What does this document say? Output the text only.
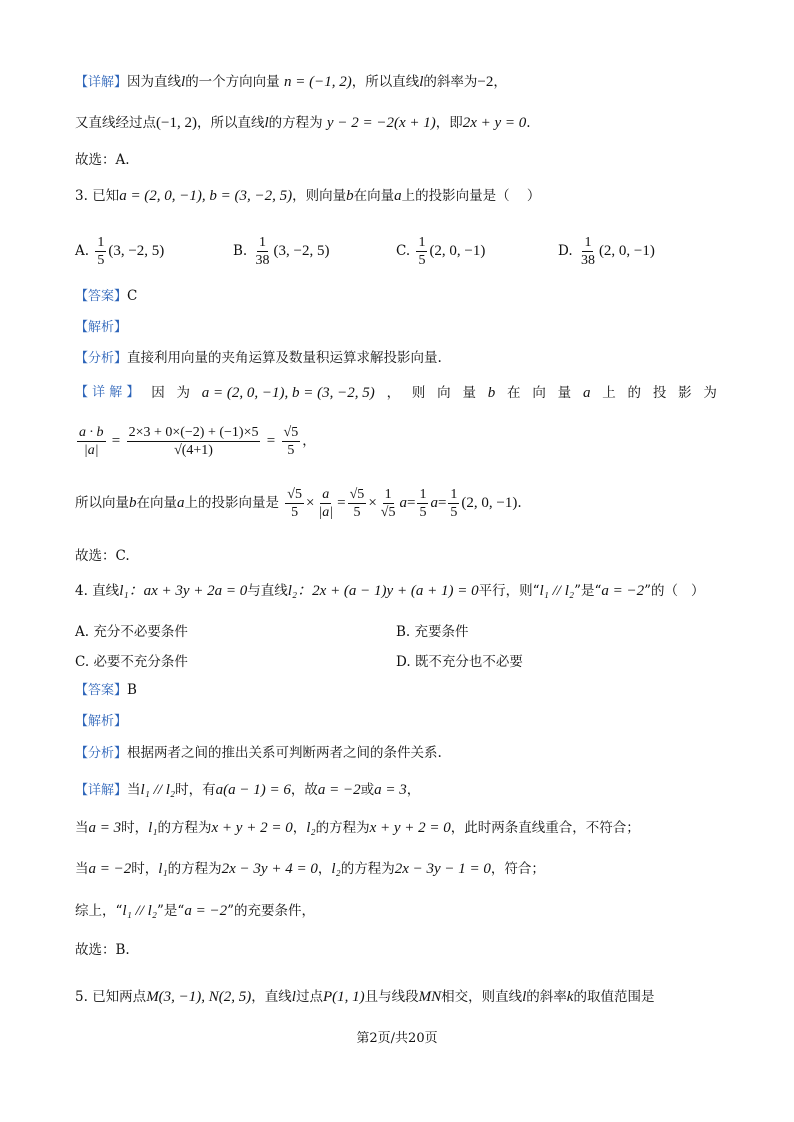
【详解】因为直线l的一个方向向量 n = (−1, 2)，所以直线l的斜率为−2，
又直线经过点(−1, 2)，所以直线l的方程为 y − 2 = −2(x + 1)，即2x + y = 0.
故选：A.
3. 已知a = (2, 0, −1), b = (3, −2, 5)，则向量b在向量a上的投影向量是（ ）
A. $\frac{1}{5} (3$, −2, 5)	B. $\frac{1}{38} (3$, −2, 5)	C. $\frac{1}{5} (2$, 0, −1)	D. $\frac{1}{38} (2$, 0, −1)
【答案】C
【解析】
【分析】直接利用向量的夹角运算及数量积运算求解投影向量.
【 详 解 】 因 为 a = (2, 0, −1), b = (3, −2, 5) ， 则 向 量 b 在 向 量 a 上 的 投 影 为
$\frac{a \cdot b}{|a|} = \frac{2\times 3 + 0\times(-2) + (-1)\times 5}{√(4+1)} = \frac{√5}{5}$ ，
所以向量b在向量a上的投影向量是 $\frac{√5}{5} \times \frac{a}{|a|} = \frac{√5}{5} \times \frac{1}{√5} a= \frac{1}{5} a= \frac{1}{5} (2$, 0, −1).
故选：C.
4. 直线l₁：ax + 3y + 2a = 0与直线l₂：2x + (a − 1)y + (a + 1) = 0平行，则“l₁ // l₂”是“a = −2”的（ ）
A. 充分不必要条件	B. 充要条件
C. 必要不充分条件	D. 既不充分也不必要
【答案】B
【解析】
【分析】根据两者之间的推出关系可判断两者之间的条件关系.
【详解】当l₁ // l₂时，有a(a − 1) = 6，故a = −2或a = 3，
当a = 3时，l₁的方程为x + y + 2 = 0，l₂的方程为x + y + 2 = 0，此时两条直线重合，不符合；
当a = −2时，l₁的方程为2x − 3y + 4 = 0，l₂的方程为2x − 3y − 1 = 0，符合；
综上，“l₁ // l₂”是“a = −2”的充要条件，
故选：B.
5. 已知两点M(3, −1), N(2, 5)，直线l过点P(1, 1)且与线段MN相交，则直线l的斜率k的取值范围是
第2页/共20页
